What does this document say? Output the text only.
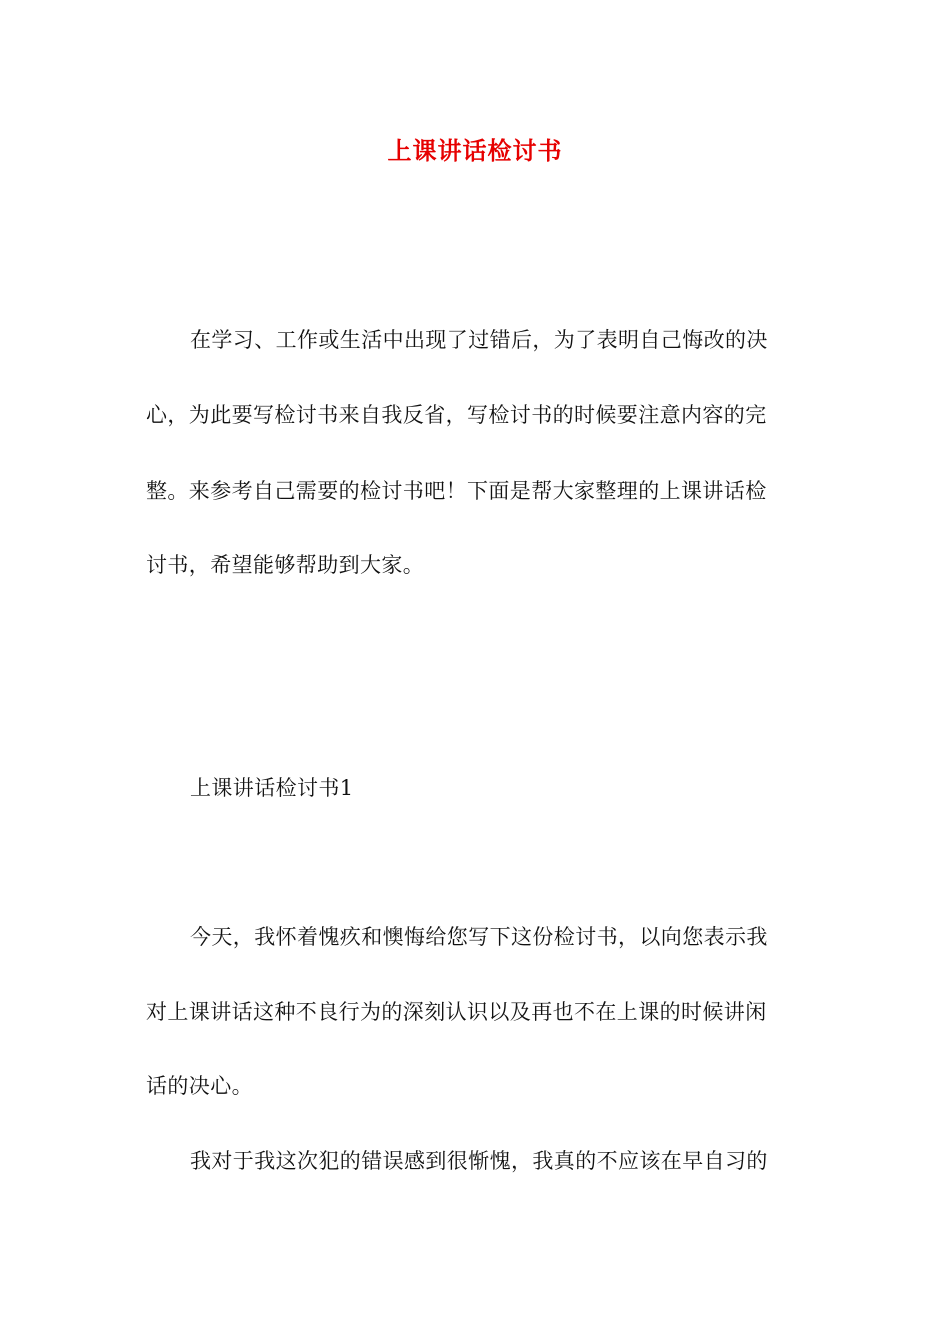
上课讲话检讨书
在学习、工作或生活中出现了过错后，为了表明自己悔改的决
心，为此要写检讨书来自我反省，写检讨书的时候要注意内容的完
整。来参考自己需要的检讨书吧！下面是帮大家整理的上课讲话检
讨书，希望能够帮助到大家。
上课讲话检讨书1
今天，我怀着愧疚和懊悔给您写下这份检讨书，以向您表示我
对上课讲话这种不良行为的深刻认识以及再也不在上课的时候讲闲
话的决心。
我对于我这次犯的错误感到很惭愧，我真的不应该在早自习的
